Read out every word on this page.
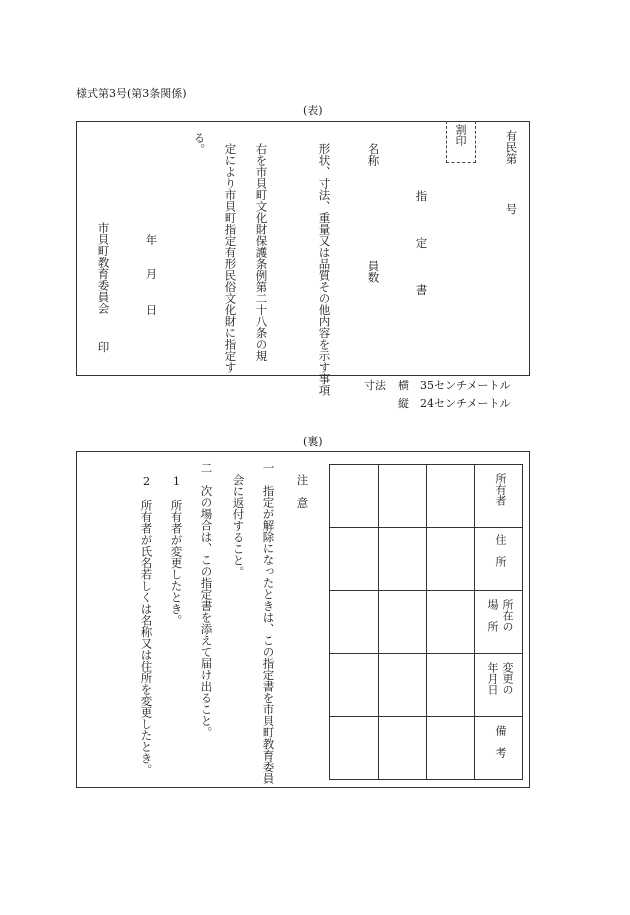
様式第3号(第3条関係)
(表)
割印	有民第
号
指
定
書
名称
員数
形状、寸法、重量又は品質その他内容を示す事項
右を市貝町文化財保護条例第二十八条の規
定により市貝町指定有形民俗文化財に指定す
る。
年
月
日
市貝町教育委員会
印
寸法 横　35センチメートル
縦　24センチメートル
(裏)

			所有者

			住　所

			所在の
場　所

			変更の
年月日

			備　考
注　意
一　指定が解除になったときは、この指定書を市貝町教育委員
会に返付すること。
二　次の場合は、この指定書を添えて届け出ること。
1　所有者が変更したとき。
2　所有者が氏名若しくは名称又は住所を変更したとき。
